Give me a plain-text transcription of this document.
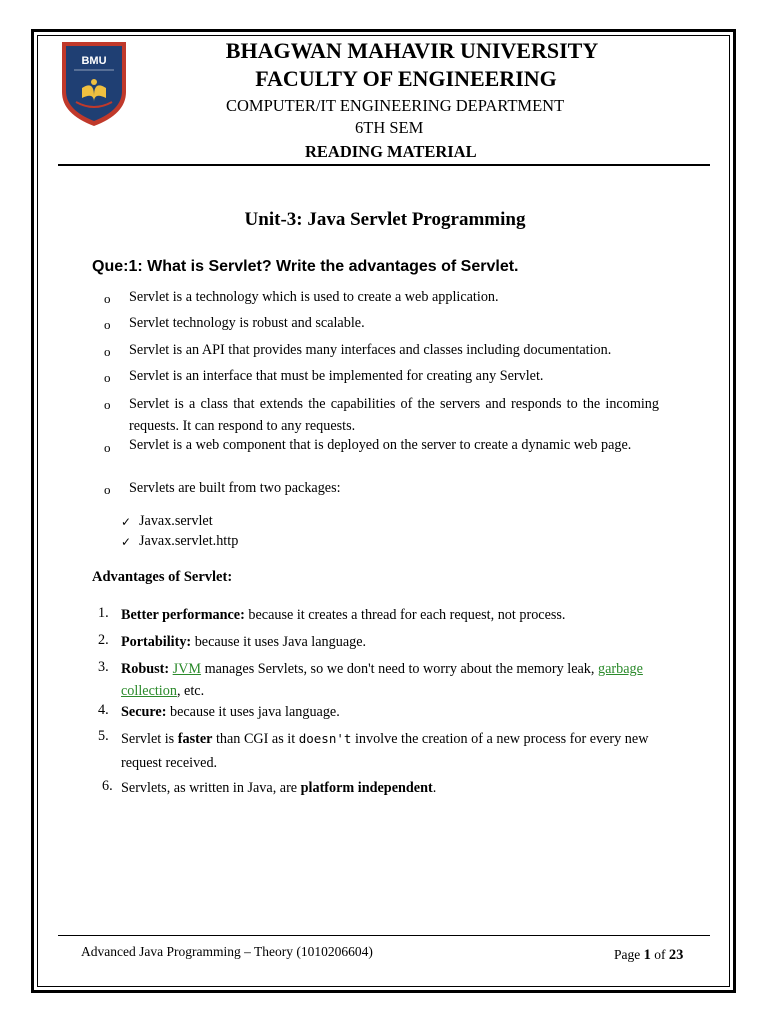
BMU	BHAGWAN MAHAVIR UNIVERSITY
FACULTY OF ENGINEERING
COMPUTER/IT ENGINEERING DEPARTMENT
6TH SEM
READING MATERIAL
Unit-3: Java Servlet Programming
Que:1: What is Servlet? Write the advantages of Servlet.
o Servlet is a technology which is used to create a web application.
o Servlet technology is robust and scalable.
o Servlet is an API that provides many interfaces and classes including documentation.
o Servlet is an interface that must be implemented for creating any Servlet.
o Servlet is a class that extends the capabilities of the servers and responds to the incoming requests. It can respond to any requests.
o Servlet is a web component that is deployed on the server to create a dynamic web page.
o Servlets are built from two packages:
✓ Javax.servlet
✓ Javax.servlet.http
Advantages of Servlet:
1. Better performance: because it creates a thread for each request, not process.
2. Portability: because it uses Java language.
3. Robust: JVM manages Servlets, so we don't need to worry about the memory leak, garbage collection, etc.
4. Secure: because it uses java language.
5. Servlet is faster than CGI as it doesn't involve the creation of a new process for every new request received.
6. Servlets, as written in Java, are platform independent.
Advanced Java Programming – Theory (1010206604)	Page 1 of 23
